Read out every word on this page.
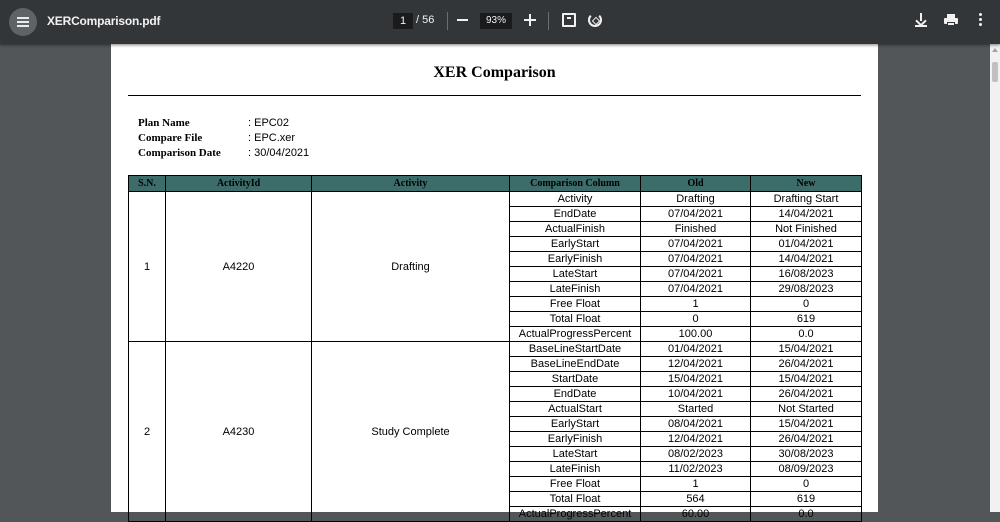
XERComparison.pdf	1 / 56	93%
XER Comparison
Plan Name	: EPC02
Compare File	: EPC.xer
Comparison Date : 30/04/2021
S.N.	ActivityId	Activity	Comparison Column	Old	New
1	A4220	Drafting	Activity	Drafting	Drafting Start
			EndDate	07/04/2021	14/04/2021
			ActualFinish	Finished	Not Finished
			EarlyStart	07/04/2021	01/04/2021
			EarlyFinish	07/04/2021	14/04/2021
			LateStart	07/04/2021	16/08/2023
			LateFinish	07/04/2021	29/08/2023
			Free Float	1	0
			Total Float	0	619
			ActualProgressPercent	100.00	0.0
2	A4230	Study Complete	BaseLineStartDate	01/04/2021	15/04/2021
			BaseLineEndDate	12/04/2021	26/04/2021
			StartDate	15/04/2021	15/04/2021
			EndDate	10/04/2021	26/04/2021
			ActualStart	Started	Not Started
			EarlyStart	08/04/2021	15/04/2021
			EarlyFinish	12/04/2021	26/04/2021
			LateStart	08/02/2023	30/08/2023
			LateFinish	11/02/2023	08/09/2023
			Free Float	1	0
			Total Float	564	619
			ActualProgressPercent	60.00	0.0
